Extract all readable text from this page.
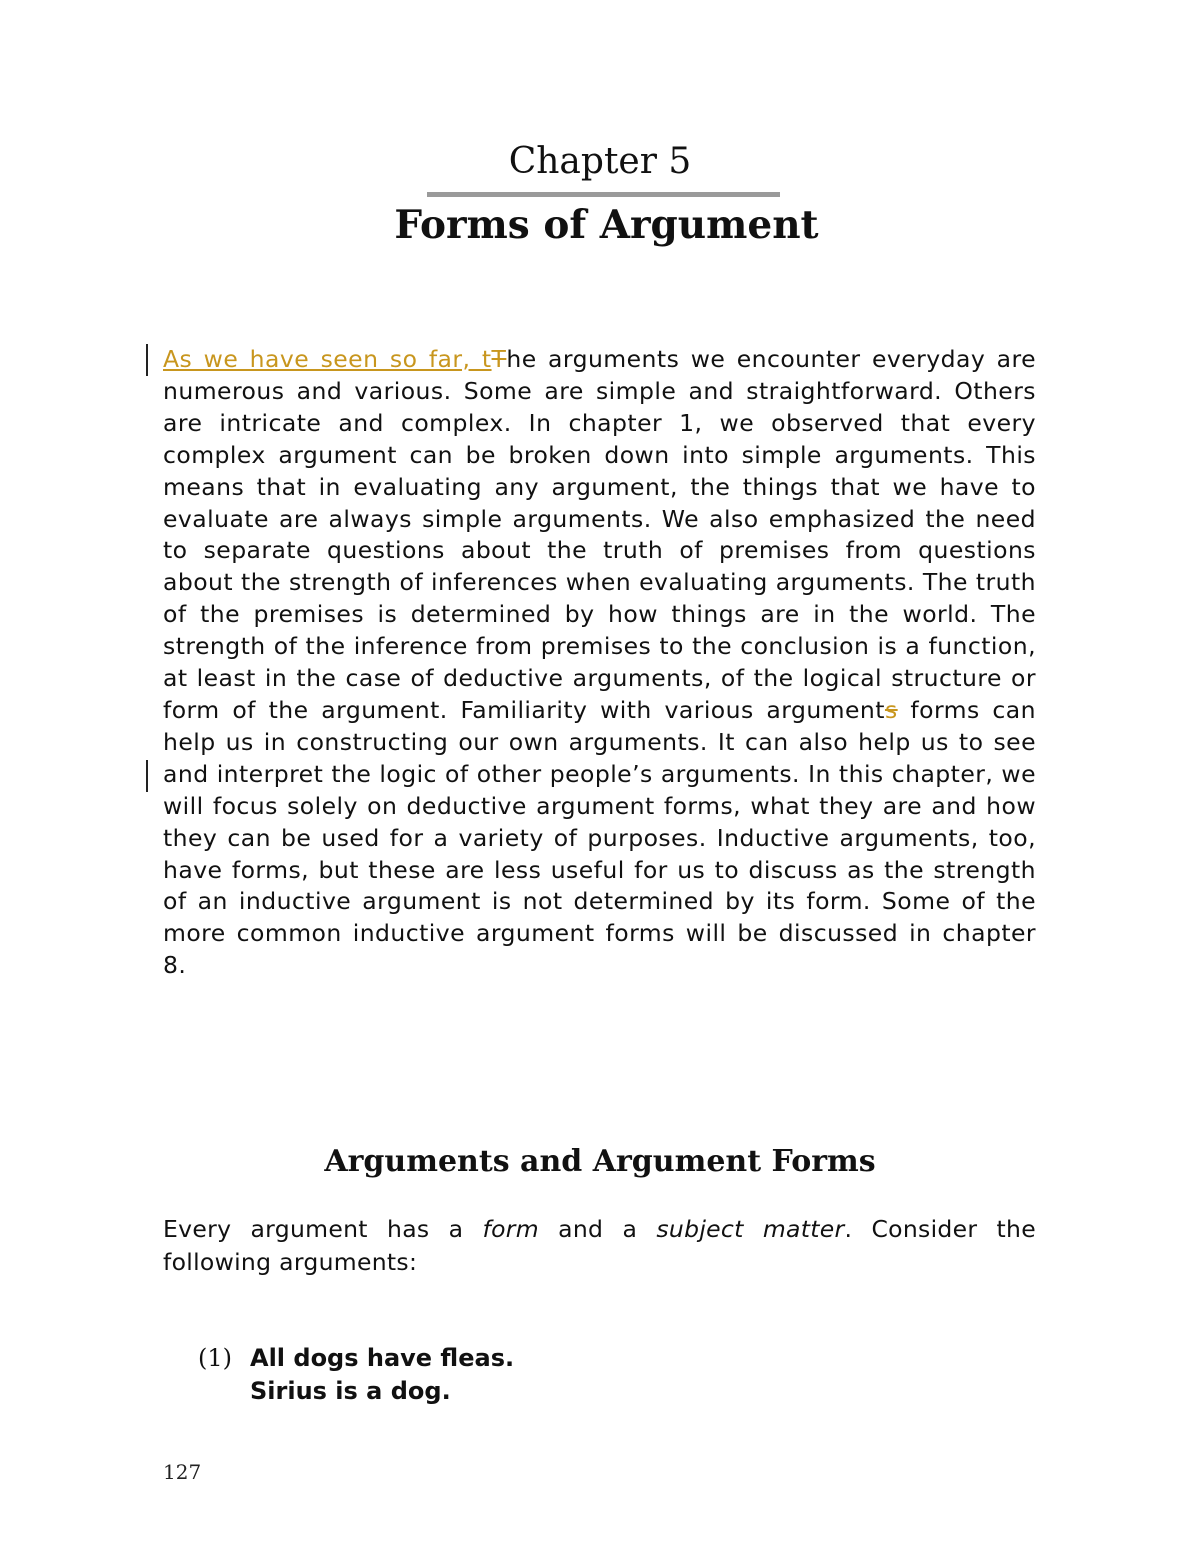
Chapter 5
Forms of Argument

As we have seen so far, tThe arguments we encounter everyday are numerous and various. Some are simple and straightforward. Others are intricate and complex. In chapter 1, we observed that every complex argument can be broken down into simple arguments. This means that in evaluating any argument, the things that we have to evaluate are always simple arguments. We also emphasized the need to separate questions about the truth of premises from questions about the strength of inferences when evaluating arguments. The truth of the premises is determined by how things are in the world. The strength of the inference from premises to the conclusion is a function, at least in the case of deductive arguments, of the logical structure or form of the argument. Familiarity with various arguments forms can help us in constructing our own arguments. It can also help us to see and interpret the logic of other people’s arguments. In this chapter, we will focus solely on deductive argument forms, what they are and how they can be used for a variety of purposes. Inductive arguments, too, have forms, but these are less useful for us to discuss as the strength of an inductive argument is not determined by its form. Some of the more common inductive argument forms will be discussed in chapter 8.

Arguments and Argument Forms

Every argument has a form and a subject matter. Consider the following arguments:

(1) All dogs have fleas.
Sirius is a dog.
127
